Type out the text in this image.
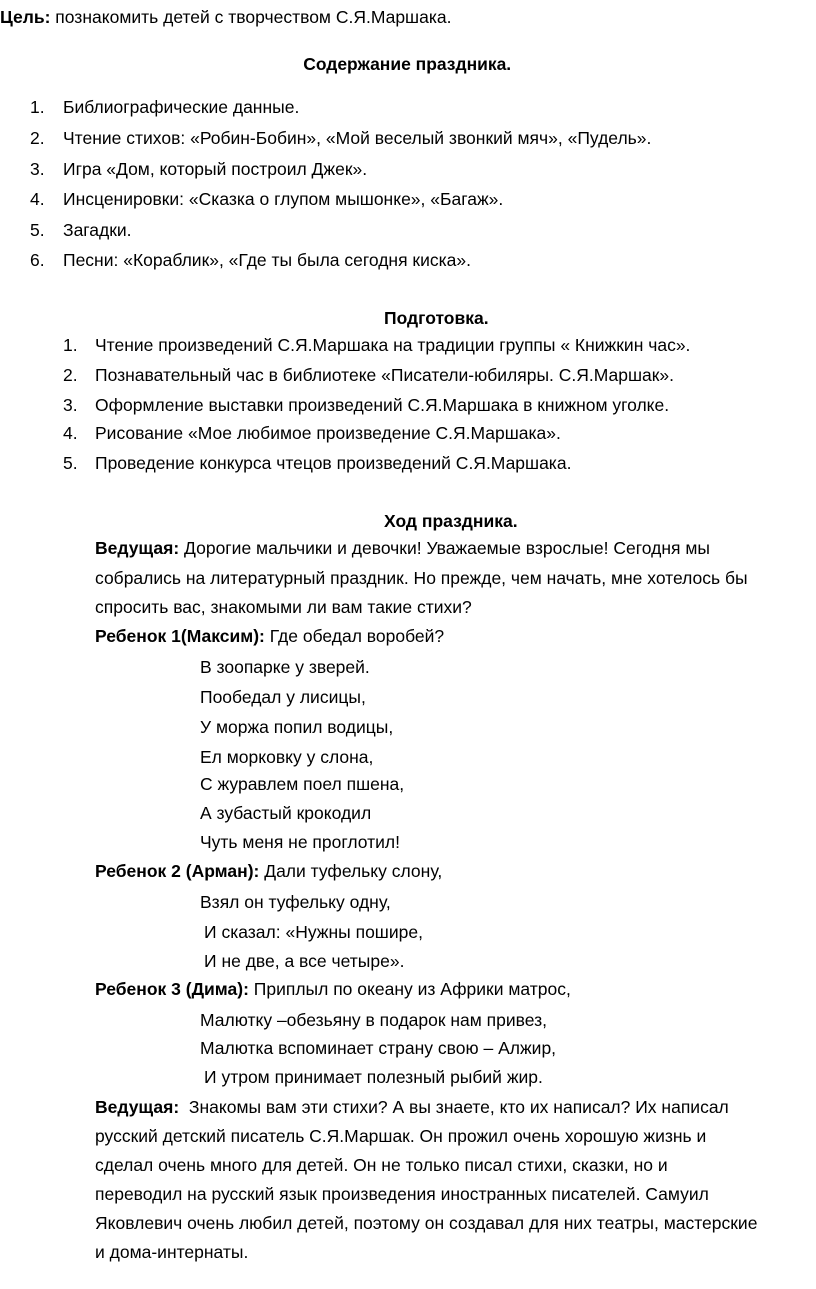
Цель: познакомить детей с творчеством С.Я.Маршака.
Содержание праздника.
1. Библиографические данные.
2. Чтение стихов: «Робин-Бобин», «Мой веселый звонкий мяч», «Пудель».
3. Игра «Дом, который построил Джек».
4. Инсценировки: «Сказка о глупом мышонке», «Багаж».
5. Загадки.
6. Песни: «Кораблик», «Где ты была сегодня киска».
Подготовка.
1. Чтение произведений С.Я.Маршака на традиции группы « Книжкин час».
2. Познавательный час в библиотеке «Писатели-юбиляры. С.Я.Маршак».
3. Оформление выставки произведений С.Я.Маршака в книжном уголке.
4. Рисование «Мое любимое произведение С.Я.Маршака».
5. Проведение конкурса чтецов произведений С.Я.Маршака.
Ход праздника.
Ведущая: Дорогие мальчики и девочки! Уважаемые взрослые! Сегодня мы
собрались на литературный праздник. Но прежде, чем начать, мне хотелось бы
спросить вас, знакомыми ли вам такие стихи?
Ребенок 1(Максим): Где обедал воробей?
В зоопарке у зверей.
Пообедал у лисицы,
У моржа попил водицы,
Ел морковку у слона,
С журавлем поел пшена,
А зубастый крокодил
Чуть меня не проглотил!
Ребенок 2 (Арман): Дали туфельку слону,
Взял он туфельку одну,
И сказал: «Нужны пошире,
И не две, а все четыре».
Ребенок 3 (Дима): Приплыл по океану из Африки матрос,
Малютку –обезьяну в подарок нам привез,
Малютка вспоминает страну свою – Алжир,
И утром принимает полезный рыбий жир.
Ведущая:  Знакомы вам эти стихи? А вы знаете, кто их написал? Их написал
русский детский писатель С.Я.Маршак. Он прожил очень хорошую жизнь и
сделал очень много для детей. Он не только писал стихи, сказки, но и
переводил на русский язык произведения иностранных писателей. Самуил
Яковлевич очень любил детей, поэтому он создавал для них театры, мастерские
и дома-интернаты.
